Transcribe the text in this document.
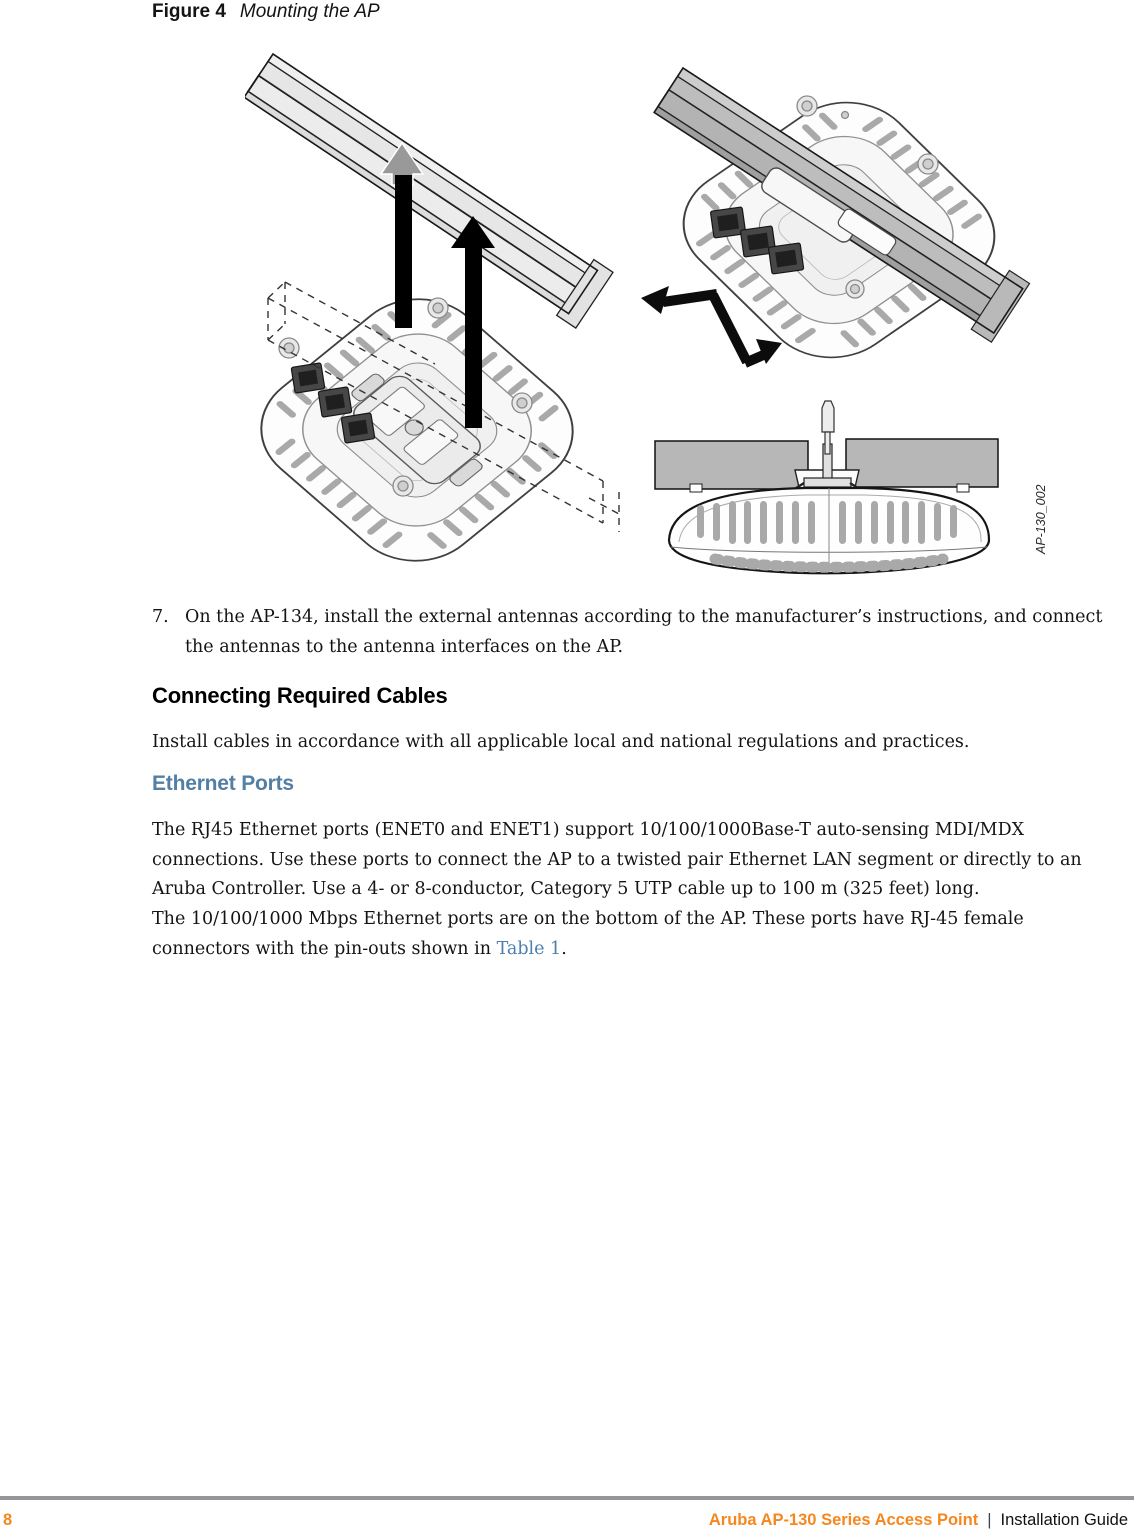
Figure 4 Mounting the AP
AP-130_002
7. On the AP-134, install the external antennas according to the manufacturer’s instructions, and connect
the antennas to the antenna interfaces on the AP.
Connecting Required Cables
Install cables in accordance with all applicable local and national regulations and practices.
Ethernet Ports
The RJ45 Ethernet ports (ENET0 and ENET1) support 10/100/1000Base-T auto-sensing MDI/MDX
connections. Use these ports to connect the AP to a twisted pair Ethernet LAN segment or directly to an
Aruba Controller. Use a 4- or 8-conductor, Category 5 UTP cable up to 100 m (325 feet) long.
The 10/100/1000 Mbps Ethernet ports are on the bottom of the AP. These ports have RJ-45 female
connectors with the pin-outs shown in Table 1.
8	Aruba AP-130 Series Access Point | Installation Guide
